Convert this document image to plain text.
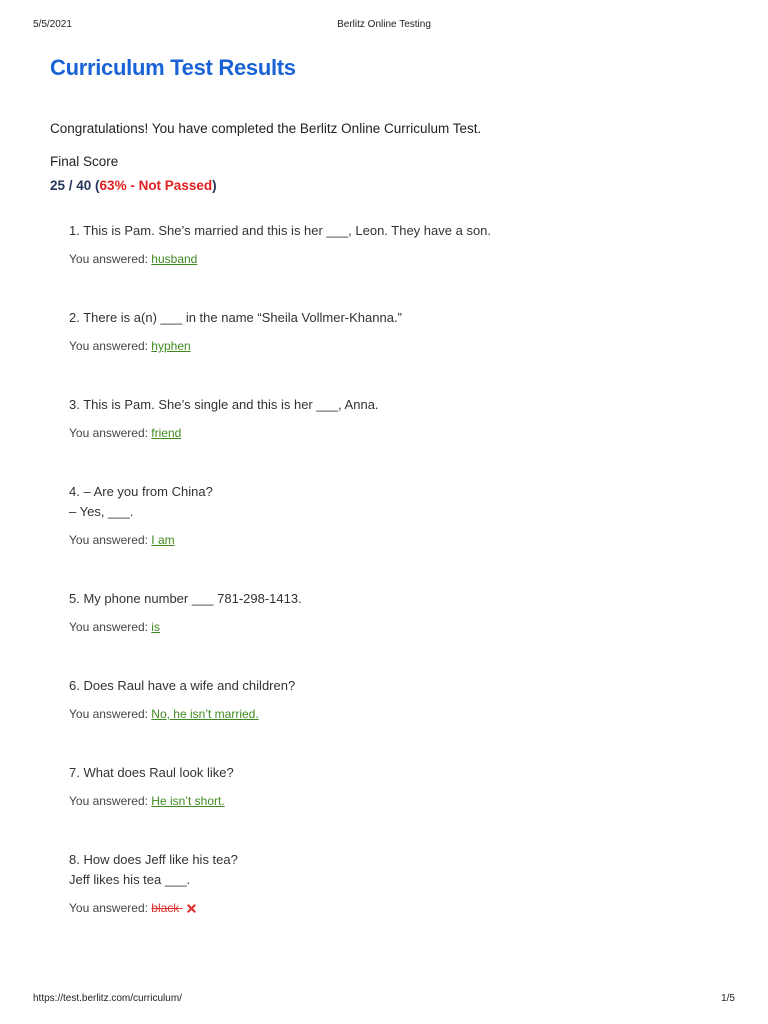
5/5/2021	Berlitz Online Testing
Curriculum Test Results
Congratulations! You have completed the Berlitz Online Curriculum Test.
Final Score
25 / 40 (63% - Not Passed)
1. This is Pam. She’s married and this is her ___, Leon. They have a son.
You answered: husband
2. There is a(n) ___ in the name “Sheila Vollmer-Khanna.”
You answered: hyphen
3. This is Pam. She’s single and this is her ___, Anna.
You answered: friend
4. – Are you from China?
– Yes, ___.
You answered: I am
5. My phone number ___ 781-298-1413.
You answered: is
6. Does Raul have a wife and children?
You answered: No, he isn’t married.
7. What does Raul look like?
You answered: He isn’t short.
8. How does Jeff like his tea?
Jeff likes his tea ___.
You answered: black
https://test.berlitz.com/curriculum/	1/5
